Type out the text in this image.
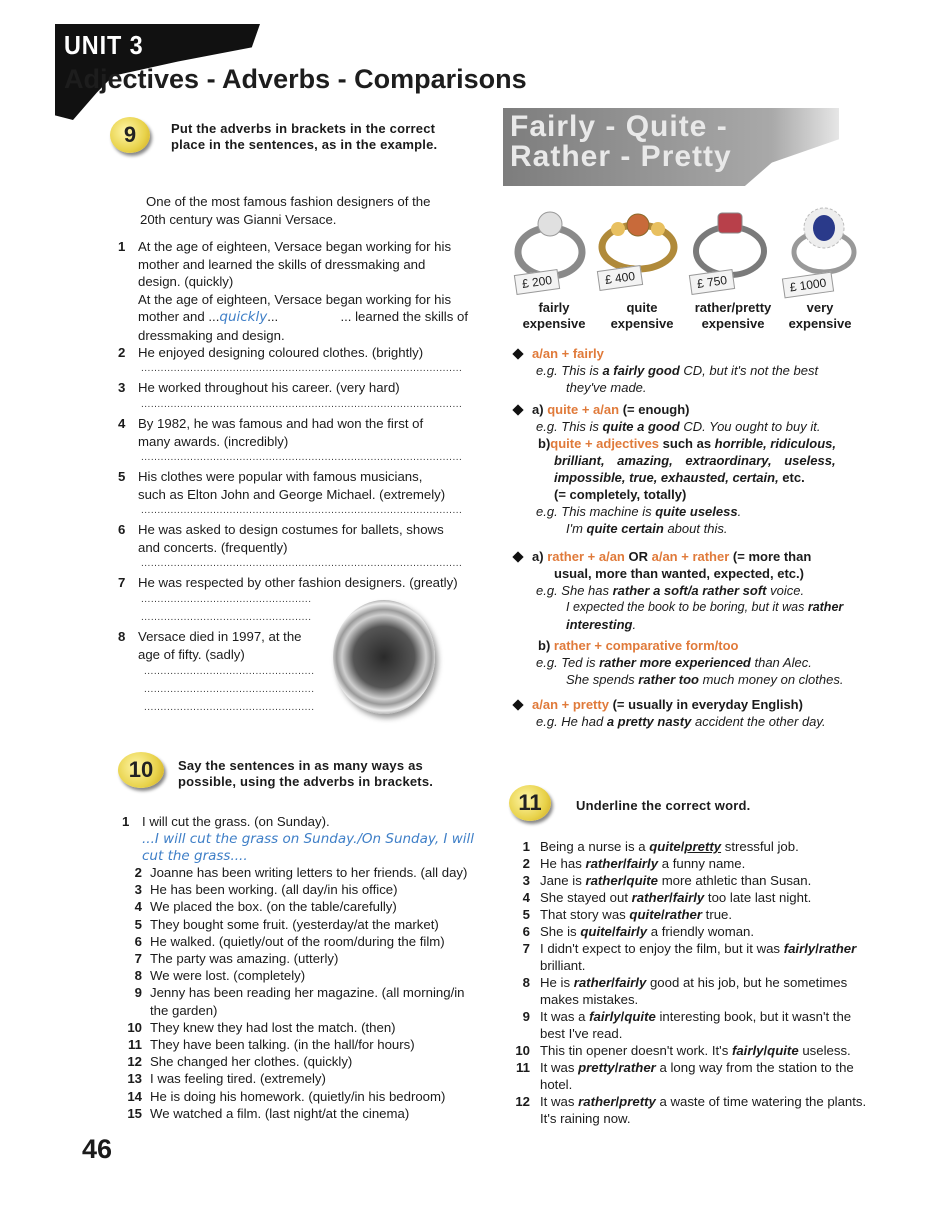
UNIT 3
Adjectives - Adverbs - Comparisons
9	Put the adverbs in brackets in the correct
place in the sentences, as in the example.
One of the most famous fashion designers of the
20th century was Gianni Versace.
1 At the age of eighteen, Versace began working for his
mother and learned the skills of dressmaking and
design. (quickly)
At the age of eighteen, Versace began working for his
mother and ...quickly...	... learned the skills of
dressmaking and design.
2 He enjoyed designing coloured clothes. (brightly)
..................................................................................................
3 He worked throughout his career. (very hard)
..................................................................................................
4 By 1982, he was famous and had won the first of
many awards. (incredibly)
..................................................................................................
5 His clothes were popular with famous musicians,
such as Elton John and George Michael. (extremely)
..................................................................................................
6 He was asked to design costumes for ballets, shows
and concerts. (frequently)
..................................................................................................
7 He was respected by other fashion designers. (greatly)
....................................................
....................................................
8 Versace died in 1997, at the
age of fifty. (sadly)
....................................................
....................................................
....................................................
10	Say the sentences in as many ways as
possible, using the adverbs in brackets.
1 I will cut the grass. (on Sunday).
...I will cut the grass on Sunday./On Sunday, I will
cut the grass....
2 Joanne has been writing letters to her friends. (all day)
3 He has been working. (all day/in his office)
4 We placed the box. (on the table/carefully)
5 They bought some fruit. (yesterday/at the market)
6 He walked. (quietly/out of the room/during the film)
7 The party was amazing. (utterly)
8 We were lost. (completely)
9 Jenny has been reading her magazine. (all morning/in
the garden)
10 They knew they had lost the match. (then)
11 They have been talking. (in the hall/for hours)
12 She changed her clothes. (quickly)
13 I was feeling tired. (extremely)
14 He is doing his homework. (quietly/in his bedroom)
15 We watched a film. (last night/at the cinema)
Fairly - Quite -
Rather - Pretty
£ 200	£ 400	£ 750	£ 1000
fairly
expensive
quite
expensive
rather/pretty
expensive
very
expensive
a/an + fairly
e.g. This is a fairly good CD, but it's not the best
they've made.
a) quite + a/an (= enough)
e.g. This is quite a good CD. You ought to buy it.
b)quite + adjectives such as horrible, ridiculous,
brilliant, amazing, extraordinary, useless,
impossible, true, exhausted, certain, etc.
(= completely, totally)
e.g. This machine is quite useless.
I'm quite certain about this.
a) rather + a/an OR a/an + rather (= more than
usual, more than wanted, expected, etc.)
e.g. She has rather a soft/a rather soft voice.
I expected the book to be boring, but it was rather
interesting.
b) rather + comparative form/too
e.g. Ted is rather more experienced than Alec.
She spends rather too much money on clothes.
a/an + pretty (= usually in everyday English)
e.g. He had a pretty nasty accident the other day.
11	Underline the correct word.
1 Being a nurse is a quite/pretty stressful job.
2 He has rather/fairly a funny name.
3 Jane is rather/quite more athletic than Susan.
4 She stayed out rather/fairly too late last night.
5 That story was quite/rather true.
6 She is quite/fairly a friendly woman.
7 I didn't expect to enjoy the film, but it was fairly/rather
brilliant.
8 He is rather/fairly good at his job, but he sometimes
makes mistakes.
9 It was a fairly/quite interesting book, but it wasn't the
best I've read.
10 This tin opener doesn't work. It's fairly/quite useless.
11 It was pretty/rather a long way from the station to the
hotel.
12 It was rather/pretty a waste of time watering the plants.
It's raining now.
46
